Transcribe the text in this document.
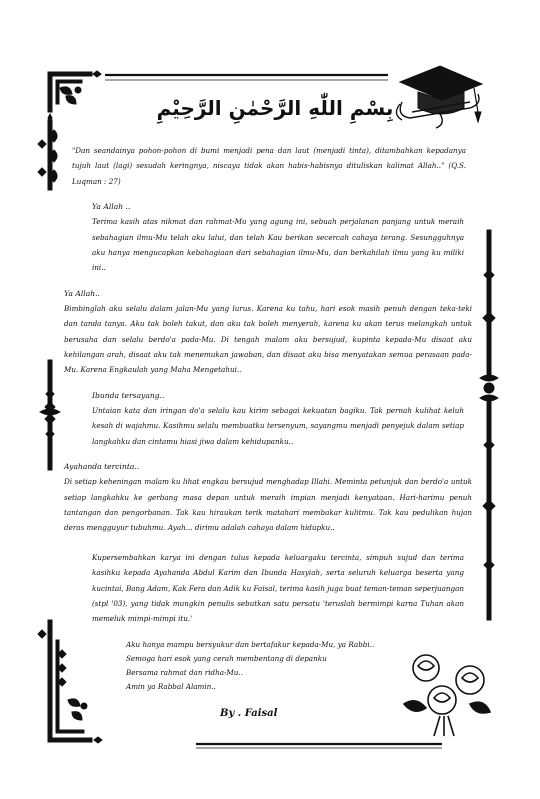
بِسْمِ اللّٰهِ الرَّحْمٰنِ الرَّحِيْمِ

"Dan seandainya pohon-pohon di bumi menjadi pena dan laut (menjadi tinta), ditambahkan kepadanya tujuh laut (lagi) sesudah keringnya, niscaya tidak akan habis-habisnya dituliskan kalimat Allah.." (Q.S. Luqman : 27)

Ya Allah ..

Terima kasih atas nikmat dan rahmat-Mu yang agung ini, sebuah perjalanan panjang untuk meraih sebahagian ilmu-Mu telah aku lalui, dan telah Kau berikan secercah cahaya terang. Sesungguhnya aku hanya mengucapkan kebahagiaan dari sebahagian ilmu-Mu, dan berkahilah ilmu yang ku miliki ini..

Ya Allah..

Bimbinglah aku selalu dalam jalan-Mu yang lurus. Karena ku tahu, hari esok masih penuh dengan teka-teki dan tanda tanya. Aku tak boleh takut, dan aku tak boleh menyerah, karena ku akan terus melangkah untuk berusaha dan selalu berdo'a pada-Mu. Di tengah malam aku bersujud, kupinta kepada-Mu disaat aku kehilangan arah, disaat aku tak menemukan jawaban, dan disaat aku bisa menyatakan semua perasaan pada-Mu. Karena Engkaulah yang Maha Mengetahui..

Ibunda tersayang..

Untaian kata dan iringan do'a selalu kau kirim sebagai kekuatan bagiku. Tak pernah kulihat keluh kesah di wajahmu. Kasihmu selalu membuatku tersenyum, sayangmu menjadi penyejuk dalam setiap langkahku dan cintamu hiasi jiwa dalam kehidupanku..

Ayahanda tercinta..

Di setiap keheningan malam ku lihat engkau bersujud menghadap Illahi. Meminta petunjuk dan berdo'a untuk setiap langkahku ke gerbang masa depan untuk meraih impian menjadi kenyataan. Hari-harimu penuh tantangan dan pengorbanan. Tak kau hiraukan terik matahari membakar kulitmu. Tak kau pedulikan hujan deras mengguyur tubuhmu. Ayah... dirimu adalah cahaya dalam hidupku..

Kupersembahkan karya ini dengan tulus kepada keluargaku tercinta, simpuh sujud dan terima kasihku kepada Ayahanda Abdul Karim dan Ibunda Hasyiah, serta seluruh keluarga beserta yang kucintai, Bang Adam, Kak Fera dan Adik ku Faisal, terima kasih juga buat teman-teman seperjuangan (stpl '03), yang tidak mungkin penulis sebutkan satu persatu 'teruslah bermimpi karna Tuhan akan memeluk mimpi-mimpi itu.'

Aku hanya mampu bersyukur dan bertafakur kepada-Mu, ya Rabbi..

Semoga hari esok yang cerah membentang di depanku

Bersama rahmat dan ridha-Mu..

Amin ya Rabbal Alamin..

By . Faisal
